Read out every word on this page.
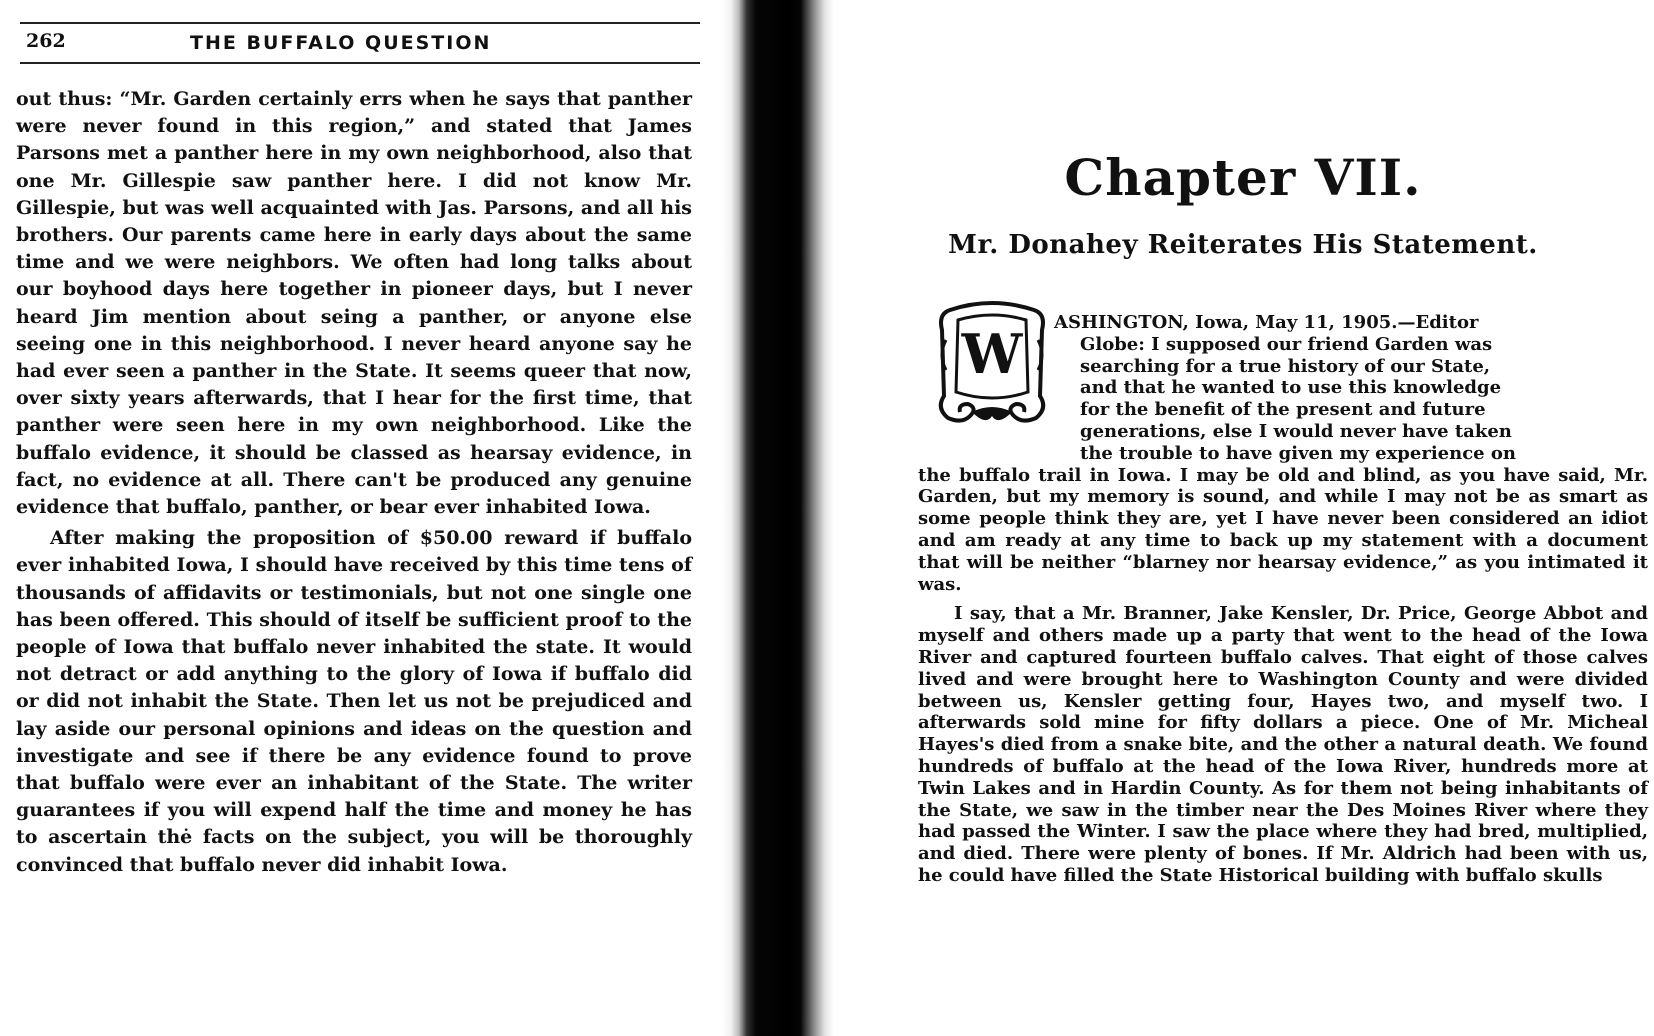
262	THE BUFFALO QUESTION

out thus: “Mr. Garden certainly errs when he says that panther were never found in this region,” and stated that James Parsons met a panther here in my own neighborhood, also that one Mr. Gillespie saw panther here. I did not know Mr. Gillespie, but was well acquainted with Jas. Parsons, and all his brothers. Our parents came here in early days about the same time and we were neighbors. We often had long talks about our boyhood days here together in pioneer days, but I never heard Jim mention about seing a panther, or anyone else seeing one in this neighborhood. I never heard anyone say he had ever seen a panther in the State. It seems queer that now, over sixty years afterwards, that I hear for the first time, that panther were seen here in my own neighborhood. Like the buffalo evidence, it should be classed as hearsay evidence, in fact, no evidence at all. There can't be produced any genuine evidence that buffalo, panther, or bear ever inhabited Iowa.

After making the proposition of $50.00 reward if buffalo ever inhabited Iowa, I should have received by this time tens of thousands of affidavits or testimonials, but not one single one has been offered. This should of itself be sufficient proof to the people of Iowa that buffalo never inhabited the state. It would not detract or add anything to the glory of Iowa if buffalo did or did not inhabit the State. Then let us not be prejudiced and lay aside our personal opinions and ideas on the question and investigate and see if there be any evidence found to prove that buffalo were ever an inhabitant of the State. The writer guarantees if you will expend half the time and money he has to ascertain thė facts on the subject, you will be thoroughly convinced that buffalo never did inhabit Iowa.

Chapter VII.
Mr. Donahey Reiterates His Statement.
W	ASHINGTON, Iowa, May 11, 1905.—Editor
Globe: I supposed our friend Garden was
searching for a true history of our State,
and that he wanted to use this knowledge
for the benefit of the present and future
generations, else I would never have taken
the trouble to have given my experience on

the buffalo trail in Iowa. I may be old and blind, as you have said, Mr. Garden, but my memory is sound, and while I may not be as smart as some people think they are, yet I have never been considered an idiot and am ready at any time to back up my statement with a document that will be neither “blarney nor hearsay evidence,” as you intimated it was.

I say, that a Mr. Branner, Jake Kensler, Dr. Price, George Abbot and myself and others made up a party that went to the head of the Iowa River and captured fourteen buffalo calves. That eight of those calves lived and were brought here to Washington County and were divided between us, Kensler getting four, Hayes two, and myself two. I afterwards sold mine for fifty dollars a piece. One of Mr. Micheal Hayes's died from a snake bite, and the other a natural death. We found hundreds of buffalo at the head of the Iowa River, hundreds more at Twin Lakes and in Hardin County. As for them not being inhabitants of the State, we saw in the timber near the Des Moines River where they had passed the Winter. I saw the place where they had bred, multiplied, and died. There were plenty of bones. If Mr. Aldrich had been with us, he could have filled the State Historical building with buffalo skulls
